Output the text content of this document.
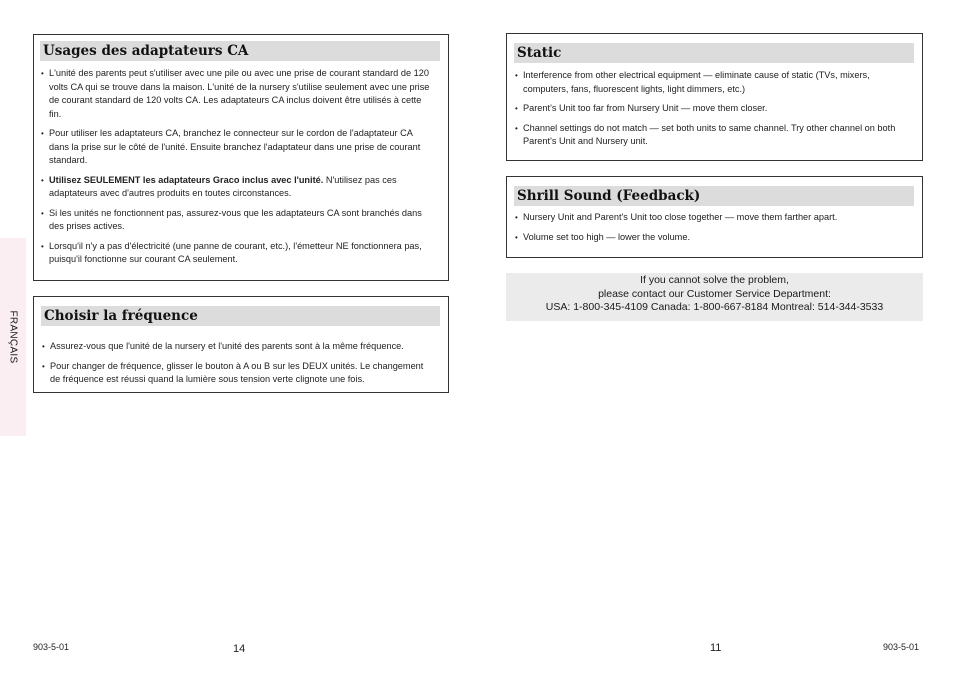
FRANÇAIS
Usages des adaptateurs CA
• L'unité des parents peut s'utiliser avec une pile ou avec une prise de courant standard de 120 volts CA qui se trouve dans la maison. L'unité de la nursery s'utilise seulement avec une prise de courant standard de 120 volts CA. Les adaptateurs CA inclus doivent être utilisés à cette fin.
• Pour utiliser les adaptateurs CA, branchez le connecteur sur le cordon de l'adaptateur CA dans la prise sur le côté de l'unité. Ensuite branchez l'adaptateur dans une prise de courant standard.
• Utilisez SEULEMENT les adaptateurs Graco inclus avec l'unité. N'utilisez pas ces adaptateurs avec d'autres produits en toutes circonstances.
• Si les unités ne fonctionnent pas, assurez-vous que les adaptateurs CA sont branchés dans des prises actives.
• Lorsqu'il n'y a pas d'électricité (une panne de courant, etc.), l'émetteur NE fonctionnera pas, puisqu'il fonctionne sur courant CA seulement.
Choisir la fréquence
• Assurez-vous que l'unité de la nursery et l'unité des parents sont à la même fréquence.
• Pour changer de fréquence, glisser le bouton à A ou B sur les DEUX unités. Le changement de fréquence est réussi quand la lumière sous tension verte clignote une fois.
Static
• Interference from other electrical equipment — eliminate cause of static (TVs, mixers, computers, fans, fluorescent lights, light dimmers, etc.)
• Parent's Unit too far from Nursery Unit — move them closer.
• Channel settings do not match — set both units to same channel. Try other channel on both Parent's Unit and Nursery unit.
Shrill Sound (Feedback)
• Nursery Unit and Parent's Unit too close together — move them farther apart.
• Volume set too high — lower the volume.
If you cannot solve the problem,
please contact our Customer Service Department:
USA: 1-800-345-4109 Canada: 1-800-667-8184 Montreal: 514-344-3533
903-5-01	14	11	903-5-01
